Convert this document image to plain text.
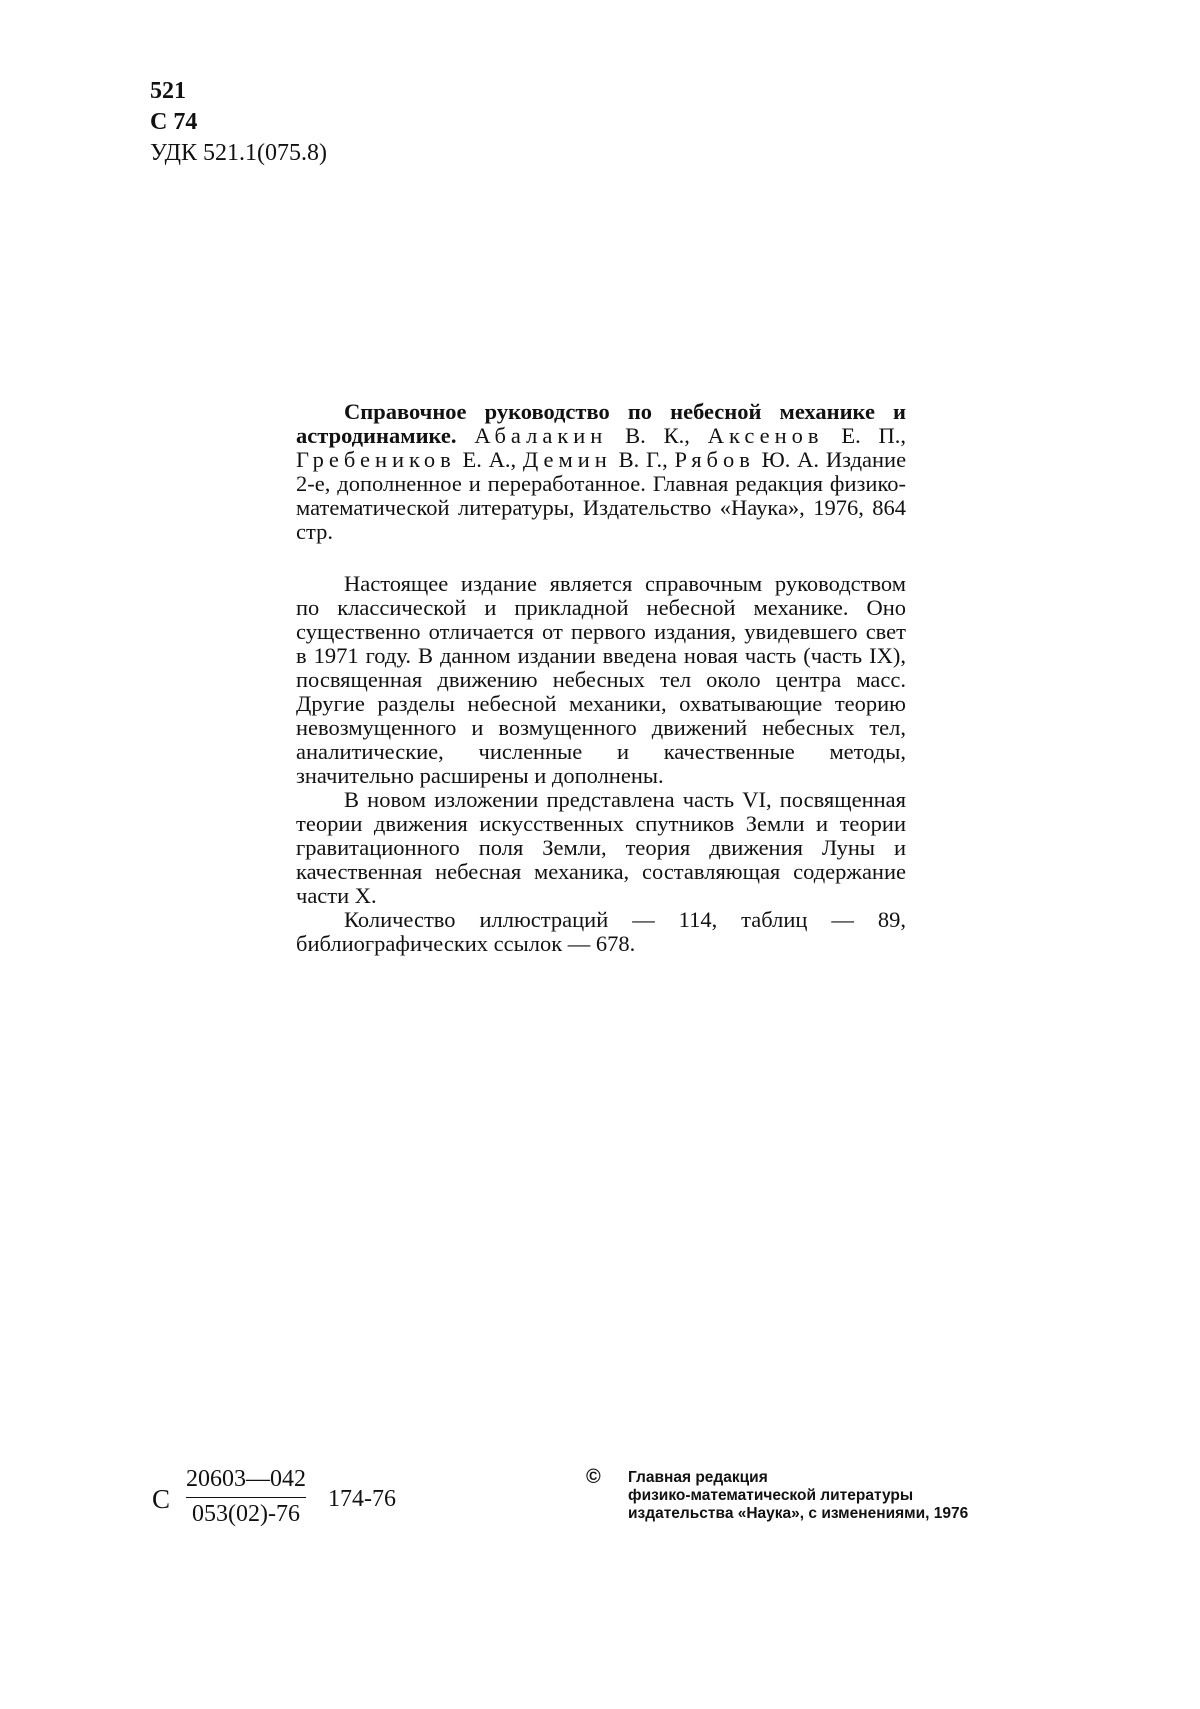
521
С 74
УДК 521.1(075.8)

Справочное руководство по небесной механике и астродинамике. Абалакин В. К., Аксенов Е. П., Гребеников Е. А., Демин В. Г., Рябов Ю. А. Издание 2-е, дополненное и переработанное. Главная редакция физико-математической литературы, Издательство «Наука», 1976, 864 стр.

Настоящее издание является справочным руководством по классической и прикладной небесной механике. Оно существенно отличается от первого издания, увидевшего свет в 1971 году. В данном издании введена новая часть (часть IX), посвященная движению небесных тел около центра масс. Другие разделы небесной механики, охватывающие теорию невозмущенного и возмущенного движений небесных тел, аналитические, численные и качественные методы, значительно расширены и дополнены.

В новом изложении представлена часть VI, посвященная теории движения искусственных спутников Земли и теории гравитационного поля Земли, теория движения Луны и качественная небесная механика, составляющая содержание части X.

Количество иллюстраций — 114, таблиц — 89, библиографических ссылок — 678.

С $\frac{20603—042}{053(02)-76} 174-76$
© Главная редакция
физико-математической литературы
издательства «Наука», с изменениями, 1976
